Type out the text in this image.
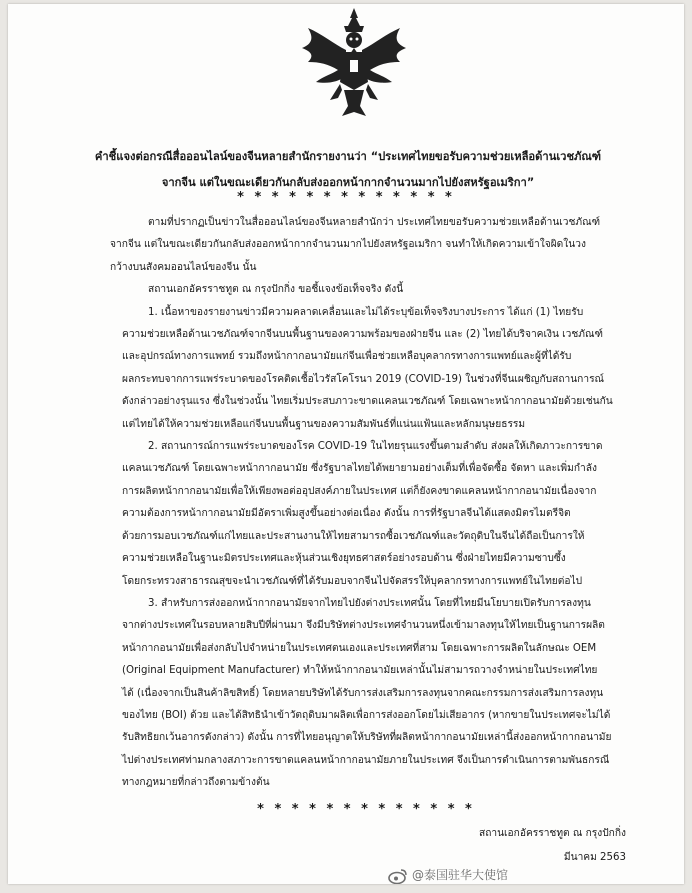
คำชี้แจงต่อกรณีสื่อออนไลน์ของจีนหลายสำนักรายงานว่า “ประเทศไทยขอรับความช่วยเหลือด้านเวชภัณฑ์
จากจีน แต่ในขณะเดียวกันกลับส่งออกหน้ากากจำนวนมากไปยังสหรัฐอเมริกา”
* * * * * * * * * * * * *
ตามที่ปรากฏเป็นข่าวในสื่อออนไลน์ของจีนหลายสำนักว่า ประเทศไทยขอรับความช่วยเหลือด้านเวชภัณฑ์
จากจีน แต่ในขณะเดียวกันกลับส่งออกหน้ากากจำนวนมากไปยังสหรัฐอเมริกา จนทำให้เกิดความเข้าใจผิดในวง
กว้างบนสังคมออนไลน์ของจีน นั้น
สถานเอกอัครราชทูต ณ กรุงปักกิ่ง ขอชี้แจงข้อเท็จจริง ดังนี้
1. เนื้อหาของรายงานข่าวมีความคลาดเคลื่อนและไม่ได้ระบุข้อเท็จจริงบางประการ ได้แก่ (1) ไทยรับ
ความช่วยเหลือด้านเวชภัณฑ์จากจีนบนพื้นฐานของความพร้อมของฝ่ายจีน และ (2) ไทยได้บริจาคเงิน เวชภัณฑ์
และอุปกรณ์ทางการแพทย์ รวมถึงหน้ากากอนามัยแก่จีนเพื่อช่วยเหลือบุคลากรทางการแพทย์และผู้ที่ได้รับ
ผลกระทบจากการแพร่ระบาดของโรคติดเชื้อไวรัสโคโรนา 2019 (COVID-19) ในช่วงที่จีนเผชิญกับสถานการณ์
ดังกล่าวอย่างรุนแรง ซึ่งในช่วงนั้น ไทยเริ่มประสบภาวะขาดแคลนเวชภัณฑ์ โดยเฉพาะหน้ากากอนามัยด้วยเช่นกัน
แต่ไทยได้ให้ความช่วยเหลือแก่จีนบนพื้นฐานของความสัมพันธ์ที่แน่นแฟ้นและหลักมนุษยธรรม
2. สถานการณ์การแพร่ระบาดของโรค COVID-19 ในไทยรุนแรงขึ้นตามลำดับ ส่งผลให้เกิดภาวะการขาด
แคลนเวชภัณฑ์ โดยเฉพาะหน้ากากอนามัย ซึ่งรัฐบาลไทยได้พยายามอย่างเต็มที่เพื่อจัดซื้อ จัดหา และเพิ่มกำลัง
การผลิตหน้ากากอนามัยเพื่อให้เพียงพอต่ออุปสงค์ภายในประเทศ แต่ก็ยังคงขาดแคลนหน้ากากอนามัยเนื่องจาก
ความต้องการหน้ากากอนามัยมีอัตราเพิ่มสูงขึ้นอย่างต่อเนื่อง ดังนั้น การที่รัฐบาลจีนได้แสดงมิตรไมตรีจิต
ด้วยการมอบเวชภัณฑ์แก่ไทยและประสานงานให้ไทยสามารถซื้อเวชภัณฑ์และวัตถุดิบในจีนได้ถือเป็นการให้
ความช่วยเหลือในฐานะมิตรประเทศและหุ้นส่วนเชิงยุทธศาสตร์อย่างรอบด้าน ซึ่งฝ่ายไทยมีความซาบซึ้ง
โดยกระทรวงสาธารณสุขจะนำเวชภัณฑ์ที่ได้รับมอบจากจีนไปจัดสรรให้บุคลากรทางการแพทย์ในไทยต่อไป
3. สำหรับการส่งออกหน้ากากอนามัยจากไทยไปยังต่างประเทศนั้น โดยที่ไทยมีนโยบายเปิดรับการลงทุน
จากต่างประเทศในรอบหลายสิบปีที่ผ่านมา จึงมีบริษัทต่างประเทศจำนวนหนึ่งเข้ามาลงทุนให้ไทยเป็นฐานการผลิต
หน้ากากอนามัยเพื่อส่งกลับไปจำหน่ายในประเทศตนเองและประเทศที่สาม โดยเฉพาะการผลิตในลักษณะ OEM
(Original Equipment Manufacturer) ทำให้หน้ากากอนามัยเหล่านั้นไม่สามารถวางจำหน่ายในประเทศไทย
ได้ (เนื่องจากเป็นสินค้าลิขสิทธิ์) โดยหลายบริษัทได้รับการส่งเสริมการลงทุนจากคณะกรรมการส่งเสริมการลงทุน
ของไทย (BOI) ด้วย และได้สิทธินำเข้าวัตถุดิบมาผลิตเพื่อการส่งออกโดยไม่เสียอากร (หากขายในประเทศจะไม่ได้
รับสิทธิยกเว้นอากรดังกล่าว) ดังนั้น การที่ไทยอนุญาตให้บริษัทที่ผลิตหน้ากากอนามัยเหล่านี้ส่งออกหน้ากากอนามัย
ไปต่างประเทศท่ามกลางสภาวะการขาดแคลนหน้ากากอนามัยภายในประเทศ จึงเป็นการดำเนินการตามพันธกรณี
ทางกฎหมายที่กล่าวถึงตามข้างต้น
* * * * * * * * * * * * *
สถานเอกอัครราชทูต ณ กรุงปักกิ่ง
มีนาคม 2563
@泰国驻华大使馆
